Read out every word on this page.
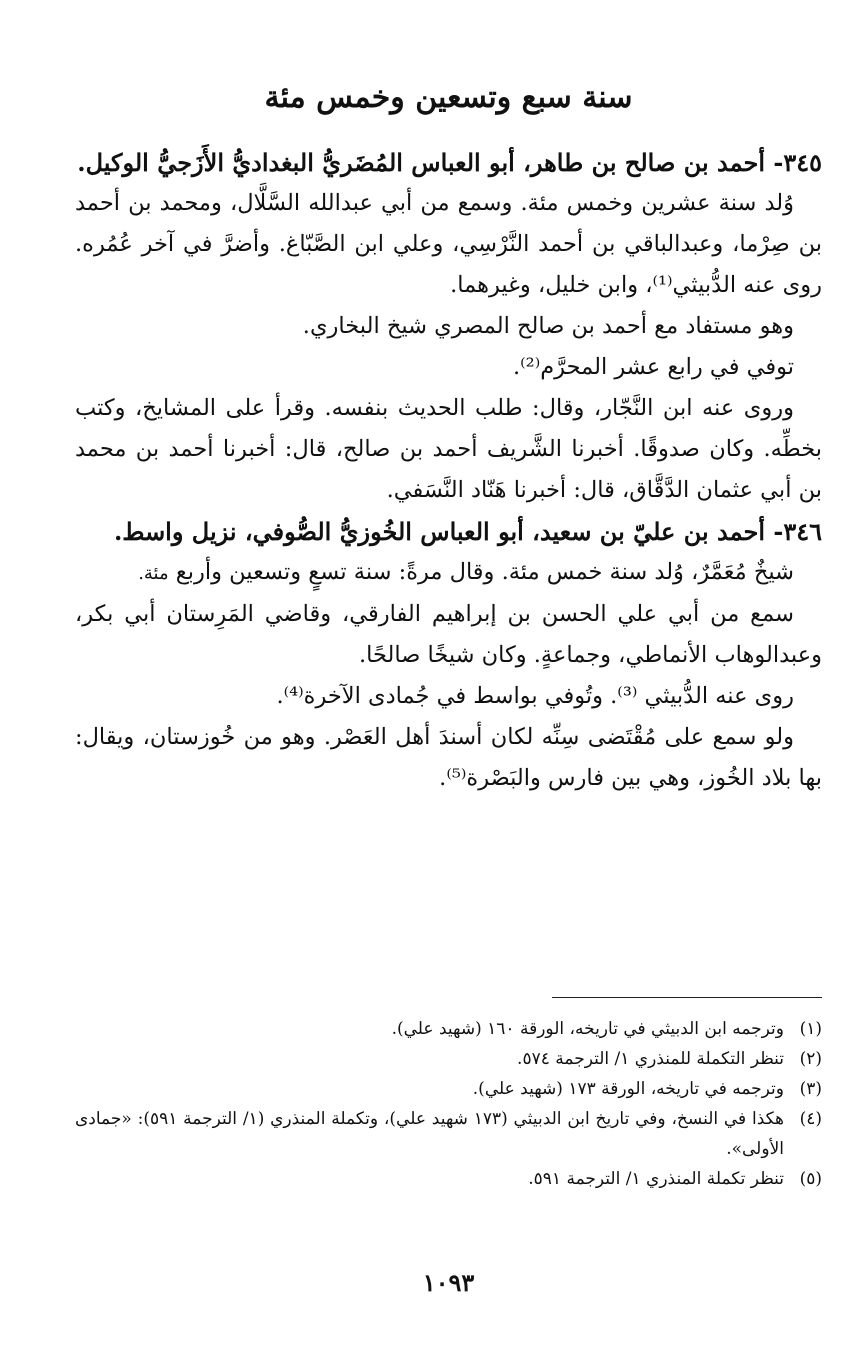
سنة سبع وتسعين وخمس مئة

٣٤٥- أحمد بن صالح بن طاهر، أبو العباس المُضَريُّ البغداديُّ الأَزَجيُّ الوكيل.

وُلد سنة عشرين وخمس مئة. وسمع من أبي عبدالله السَّلَّال، ومحمد بن أحمد بن صِرْما، وعبدالباقي بن أحمد النَّرْسِي، وعلي ابن الصَّبّاغ. وأضرَّ في آخر عُمُره. روى عنه الدُّبيثي⁽¹⁾، وابن خليل، وغيرهما.

وهو مستفاد مع أحمد بن صالح المصري شيخ البخاري.

توفي في رابع عشر المحرَّم⁽²⁾.

وروى عنه ابن النَّجّار، وقال: طلب الحديث بنفسه. وقرأ على المشايخ، وكتب بخطِّه. وكان صدوقًا. أخبرنا الشَّريف أحمد بن صالح، قال: أخبرنا أحمد بن محمد بن أبي عثمان الدَّقَّاق، قال: أخبرنا هَنّاد النَّسَفي.

٣٤٦- أحمد بن عليّ بن سعيد، أبو العباس الخُوزيُّ الصُّوفي، نزيل واسط.

شيخٌ مُعَمَّرٌ، وُلد سنة خمس مئة. وقال مرةً: سنة تسعٍ وتسعين وأربع مئة.

سمع من أبي علي الحسن بن إبراهيم الفارقي، وقاضي المَرِستان أبي بكر، وعبدالوهاب الأنماطي، وجماعةٍ. وكان شيخًا صالحًا.

روى عنه الدُّبيثي ⁽³⁾. وتُوفي بواسط في جُمادى الآخرة⁽⁴⁾.

ولو سمع على مُقْتَضى سِنِّه لكان أسندَ أهل العَصْر. وهو من خُوزستان، ويقال: بها بلاد الخُوز، وهي بين فارس والبَصْرة⁽⁵⁾.

(١)
وترجمه ابن الدبيثي في تاريخه، الورقة ١٦٠ (شهيد علي).
(٢)
تنظر التكملة للمنذري ١/ الترجمة ٥٧٤.
(٣)
وترجمه في تاريخه، الورقة ١٧٣ (شهيد علي).
(٤)
هكذا في النسخ، وفي تاريخ ابن الدبيثي (١٧٣ شهيد علي)، وتكملة المنذري (١/ الترجمة ٥٩١): «جمادى الأولى».
(٥)
تنظر تكملة المنذري ١/ الترجمة ٥٩١.
١٠٩٣
